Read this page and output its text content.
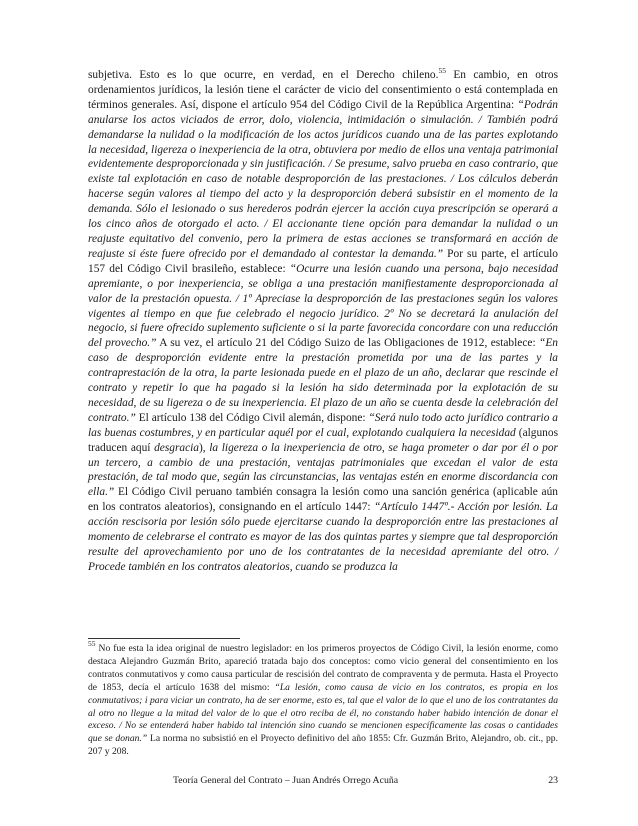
subjetiva. Esto es lo que ocurre, en verdad, en el Derecho chileno.$^{55}$ En cambio, en otros ordenamientos jurídicos, la lesión tiene el carácter de vicio del consentimiento o está contemplada en términos generales. Así, dispone el artículo 954 del Código Civil de la República Argentina: “Podrán anularse los actos viciados de error, dolo, violencia, intimidación o simulación. / También podrá demandarse la nulidad o la modificación de los actos jurídicos cuando una de las partes explotando la necesidad, ligereza o inexperiencia de la otra, obtuviera por medio de ellos una ventaja patrimonial evidentemente desproporcionada y sin justificación. / Se presume, salvo prueba en caso contrario, que existe tal explotación en caso de notable desproporción de las prestaciones. / Los cálculos deberán hacerse según valores al tiempo del acto y la desproporción deberá subsistir en el momento de la demanda. Sólo el lesionado o sus herederos podrán ejercer la acción cuya prescripción se operará a los cinco años de otorgado el acto. / El accionante tiene opción para demandar la nulidad o un reajuste equitativo del convenio, pero la primera de estas acciones se transformará en acción de reajuste si éste fuere ofrecido por el demandado al contestar la demanda.” Por su parte, el artículo 157 del Código Civil brasileño, establece: “Ocurre una lesión cuando una persona, bajo necesidad apremiante, o por inexperiencia, se obliga a una prestación manifiestamente desproporcionada al valor de la prestación opuesta. / 1º Apreciase la desproporción de las prestaciones según los valores vigentes al tiempo en que fue celebrado el negocio jurídico. 2º No se decretará la anulación del negocio, si fuere ofrecido suplemento suficiente o si la parte favorecida concordare con una reducción del provecho.” A su vez, el artículo 21 del Código Suizo de las Obligaciones de 1912, establece: “En caso de desproporción evidente entre la prestación prometida por una de las partes y la contraprestación de la otra, la parte lesionada puede en el plazo de un año, declarar que rescinde el contrato y repetir lo que ha pagado si la lesión ha sido determinada por la explotación de su necesidad, de su ligereza o de su inexperiencia. El plazo de un año se cuenta desde la celebración del contrato.” El artículo 138 del Código Civil alemán, dispone: “Será nulo todo acto jurídico contrario a las buenas costumbres, y en particular aquél por el cual, explotando cualquiera la necesidad (algunos traducen aquí desgracia), la ligereza o la inexperiencia de otro, se haga prometer o dar por él o por un tercero, a cambio de una prestación, ventajas patrimoniales que excedan el valor de esta prestación, de tal modo que, según las circunstancias, las ventajas estén en enorme discordancia con ella.” El Código Civil peruano también consagra la lesión como una sanción genérica (aplicable aún en los contratos aleatorios), consignando en el artículo 1447: “Artículo 1447º.- Acción por lesión. La acción rescisoria por lesión sólo puede ejercitarse cuando la desproporción entre las prestaciones al momento de celebrarse el contrato es mayor de las dos quintas partes y siempre que tal desproporción resulte del aprovechamiento por uno de los contratantes de la necesidad apremiante del otro. / Procede también en los contratos aleatorios, cuando se produzca la

$^{55}$ No fue esta la idea original de nuestro legislador: en los primeros proyectos de Código Civil, la lesión enorme, como destaca Alejandro Guzmán Brito, apareció tratada bajo dos conceptos: como vicio general del consentimiento en los contratos conmutativos y como causa particular de rescisión del contrato de compraventa y de permuta. Hasta el Proyecto de 1853, decía el artículo 1638 del mismo: “La lesión, como causa de vicio en los contratos, es propia en los conmutativos; i para viciar un contrato, ha de ser enorme, esto es, tal que el valor de lo que el uno de los contratantes da al otro no llegue a la mitad del valor de lo que el otro reciba de él, no constando haber habido intención de donar el exceso. / No se entenderá haber habido tal intención sino cuando se mencionen específicamente las cosas o cantidades que se donan.” La norma no subsistió en el Proyecto definitivo del año 1855: Cfr. Guzmán Brito, Alejandro, ob. cit., pp. 207 y 208.

Teoría General del Contrato – Juan Andrés Orrego Acuña	23
